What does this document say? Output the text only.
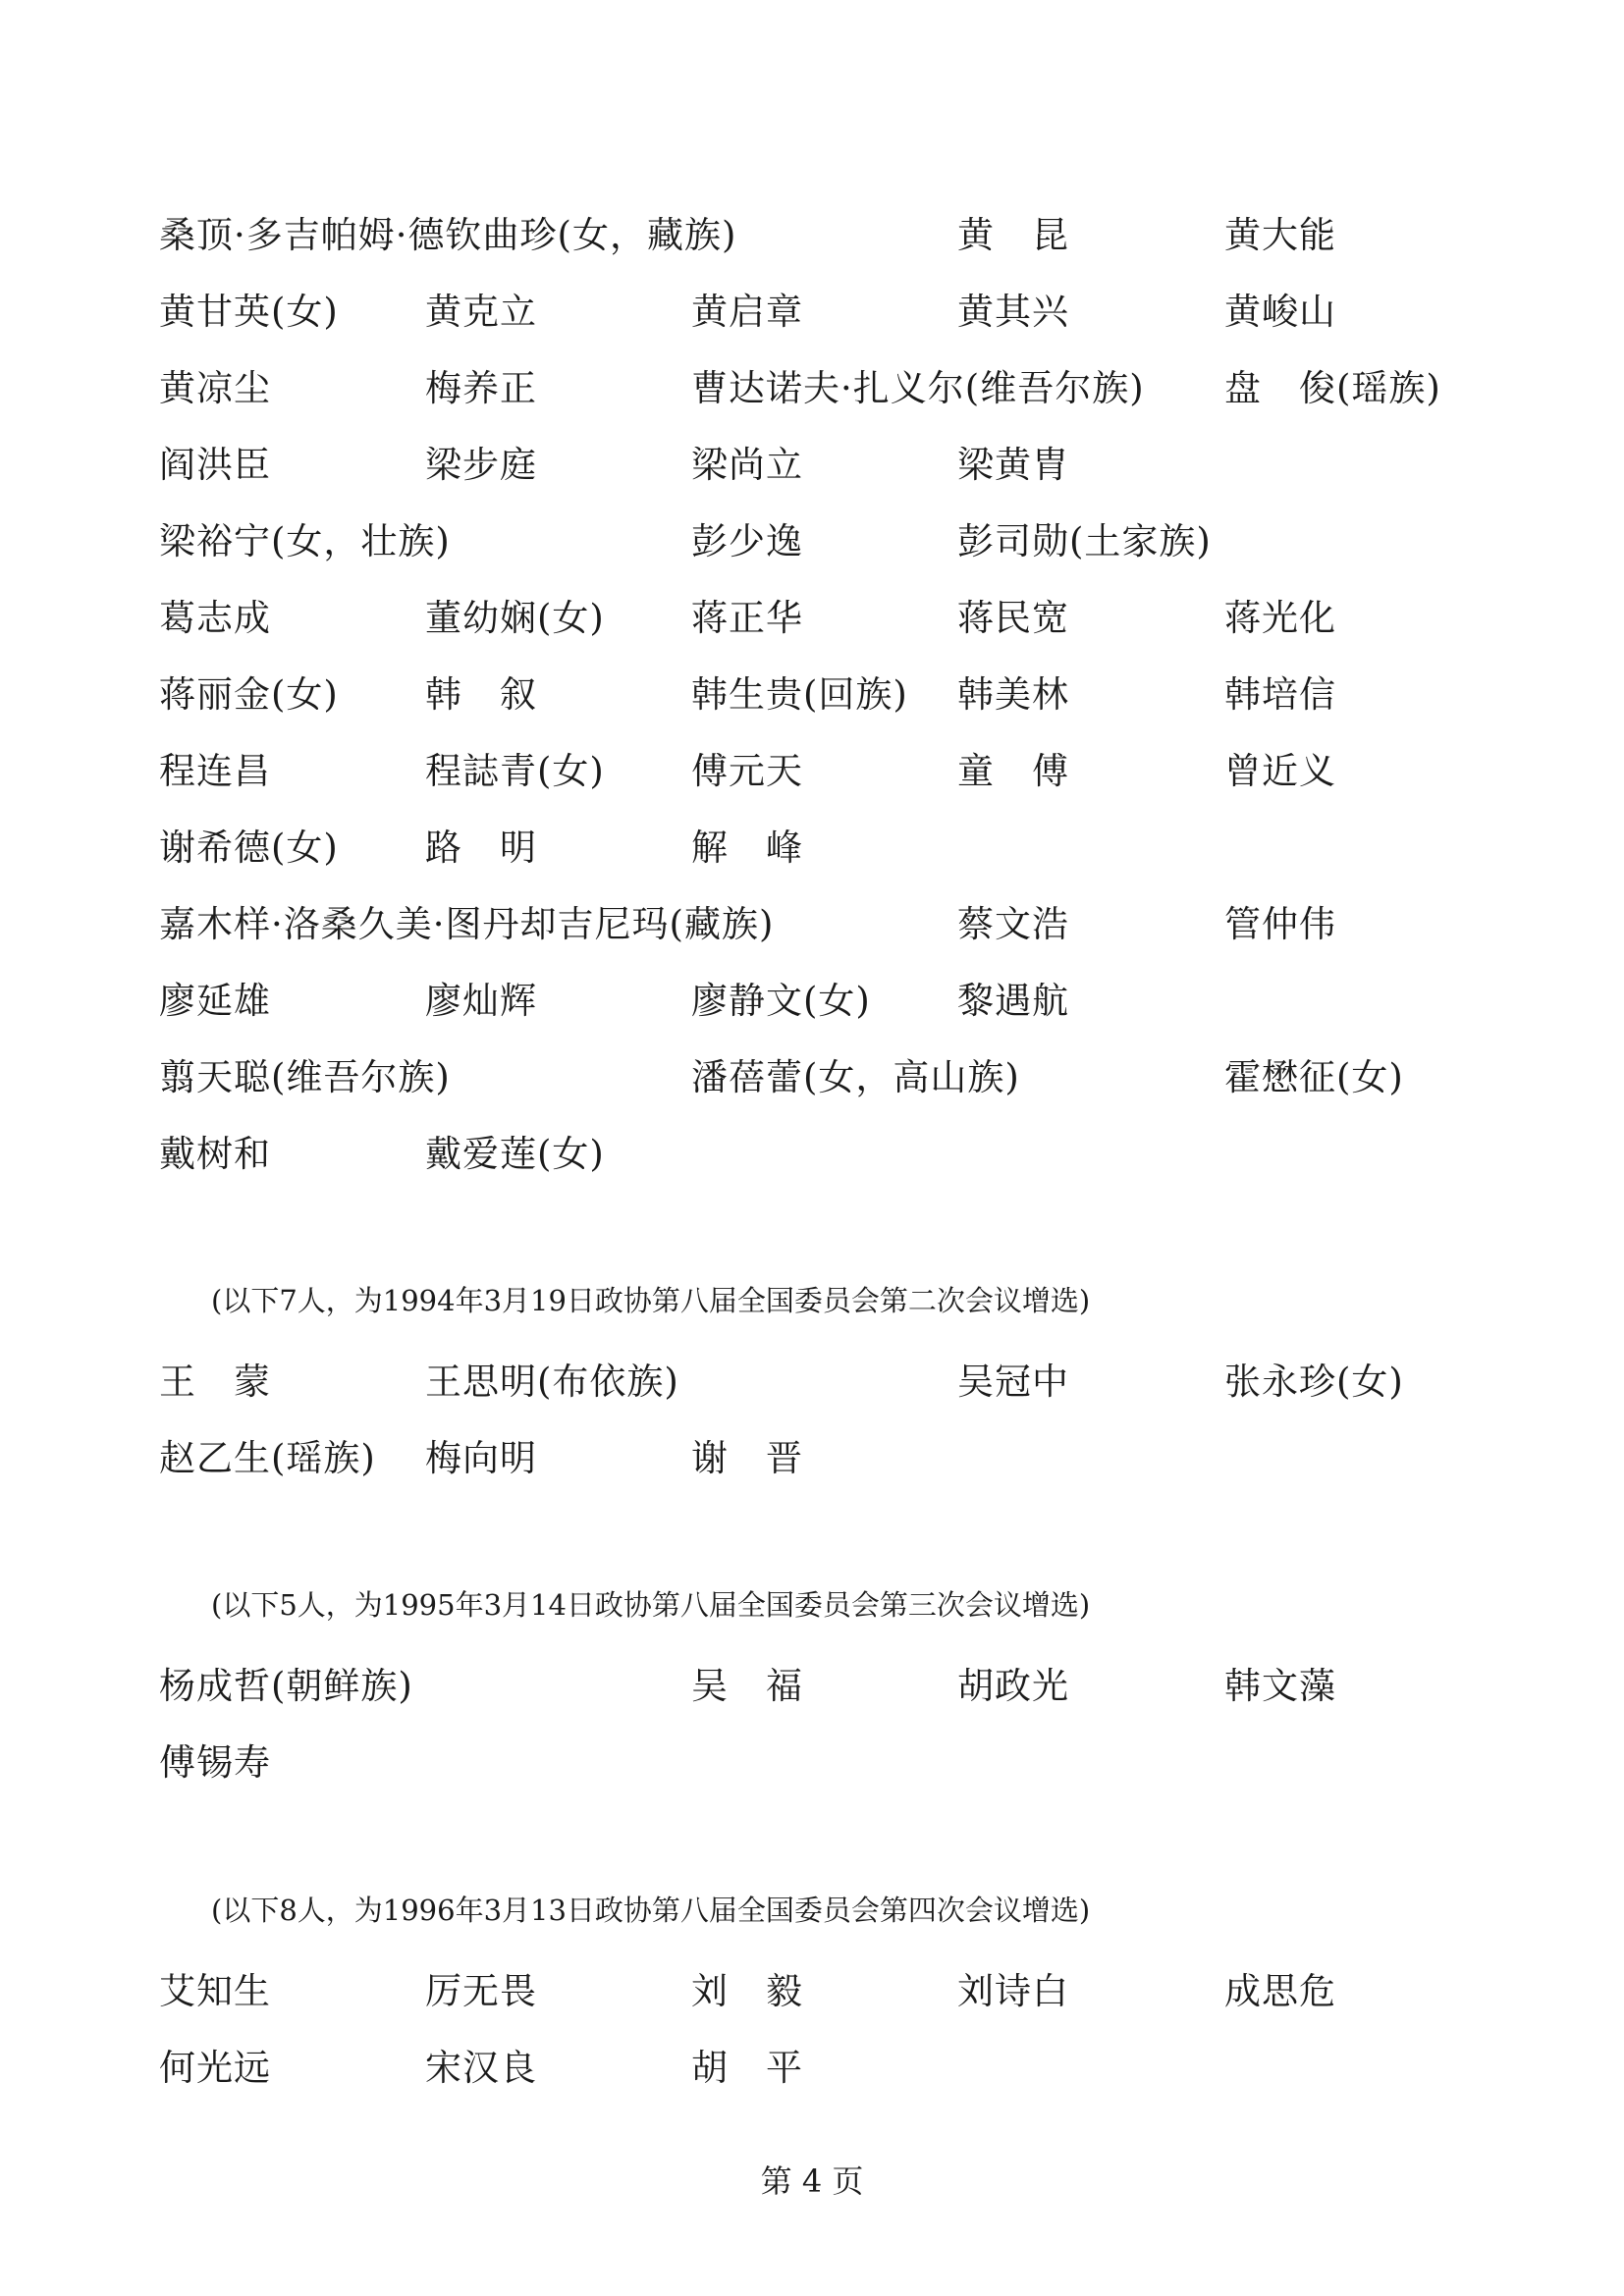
桑顶·多吉帕姆·德钦曲珍(女，藏族)	黄　昆	黄大能
黄甘英(女) 黄克立	黄启章	黄其兴	黄峻山
黄凉尘	梅养正	曹达诺夫·扎义尔(维吾尔族) 盘　俊(瑶族)
阎洪臣	梁步庭	梁尚立	梁黄胄
梁裕宁(女，壮族)	彭少逸	彭司勋(土家族)
葛志成	董幼娴(女) 蒋正华	蒋民宽	蒋光化
蒋丽金(女) 韩　叙	韩生贵(回族) 韩美林	韩培信
程连昌	程誌青(女) 傅元天	童　傅	曾近义
谢希德(女) 路　明	解　峰
嘉木样·洛桑久美·图丹却吉尼玛(藏族)	蔡文浩	管仲伟
廖延雄	廖灿辉	廖静文(女) 黎遇航
翦天聪(维吾尔族)	潘蓓蕾(女，高山族)	霍懋征(女)
戴树和	戴爱莲(女)
(以下7人，为1994年3月19日政协第八届全国委员会第二次会议增选)
王　蒙	王思明(布依族)	吴冠中	张永珍(女)
赵乙生(瑶族) 梅向明	谢　晋
(以下5人，为1995年3月14日政协第八届全国委员会第三次会议增选)
杨成哲(朝鲜族)	吴　福	胡政光	韩文藻
傅锡寿
(以下8人，为1996年3月13日政协第八届全国委员会第四次会议增选)
艾知生	厉无畏	刘　毅	刘诗白	成思危
何光远	宋汉良	胡　平
第 4 页
